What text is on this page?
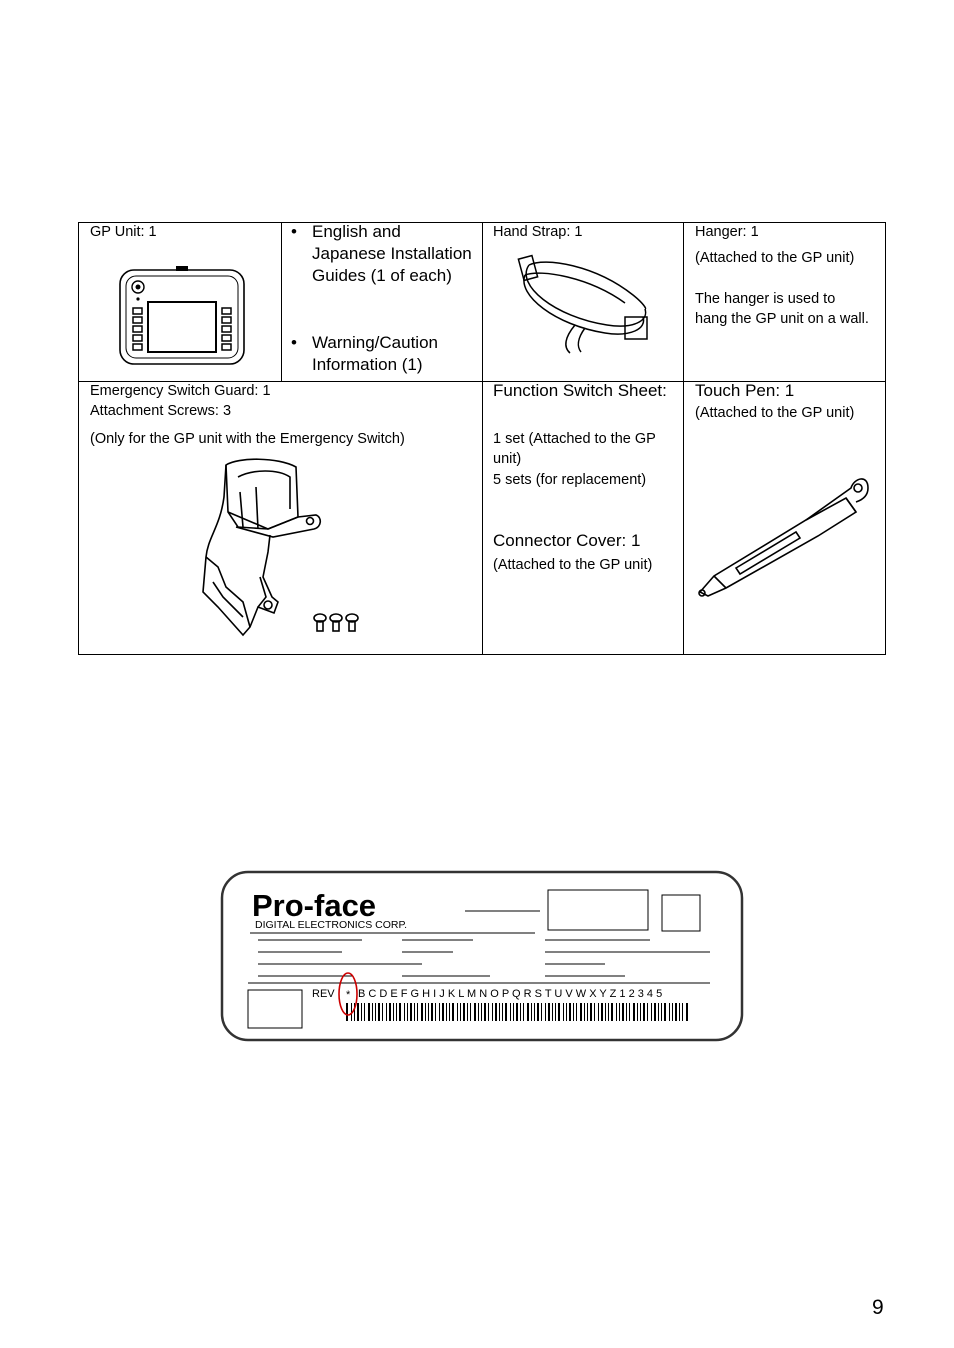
GP Unit: 1	• English and Japanese Installation Guides (1 of each)
• Warning/Caution Information (1)
Hand Strap: 1	Hanger: 1
(Attached to the GP unit)
The hanger is used to hang the GP unit on a wall.
Emergency Switch Guard: 1
Attachment Screws: 3
(Only for the GP unit with the Emergency Switch)
Function Switch Sheet:
1 set (Attached to the GP unit)
5 sets (for replacement)
Connector Cover: 1
(Attached to the GP unit)
Touch Pen: 1
(Attached to the GP unit)
Pro-face
DIGITAL ELECTRONICS CORP.
REV * B C D E F G H I J K L M N O P Q R S T U V W X Y Z 1 2 3 4 5
9
